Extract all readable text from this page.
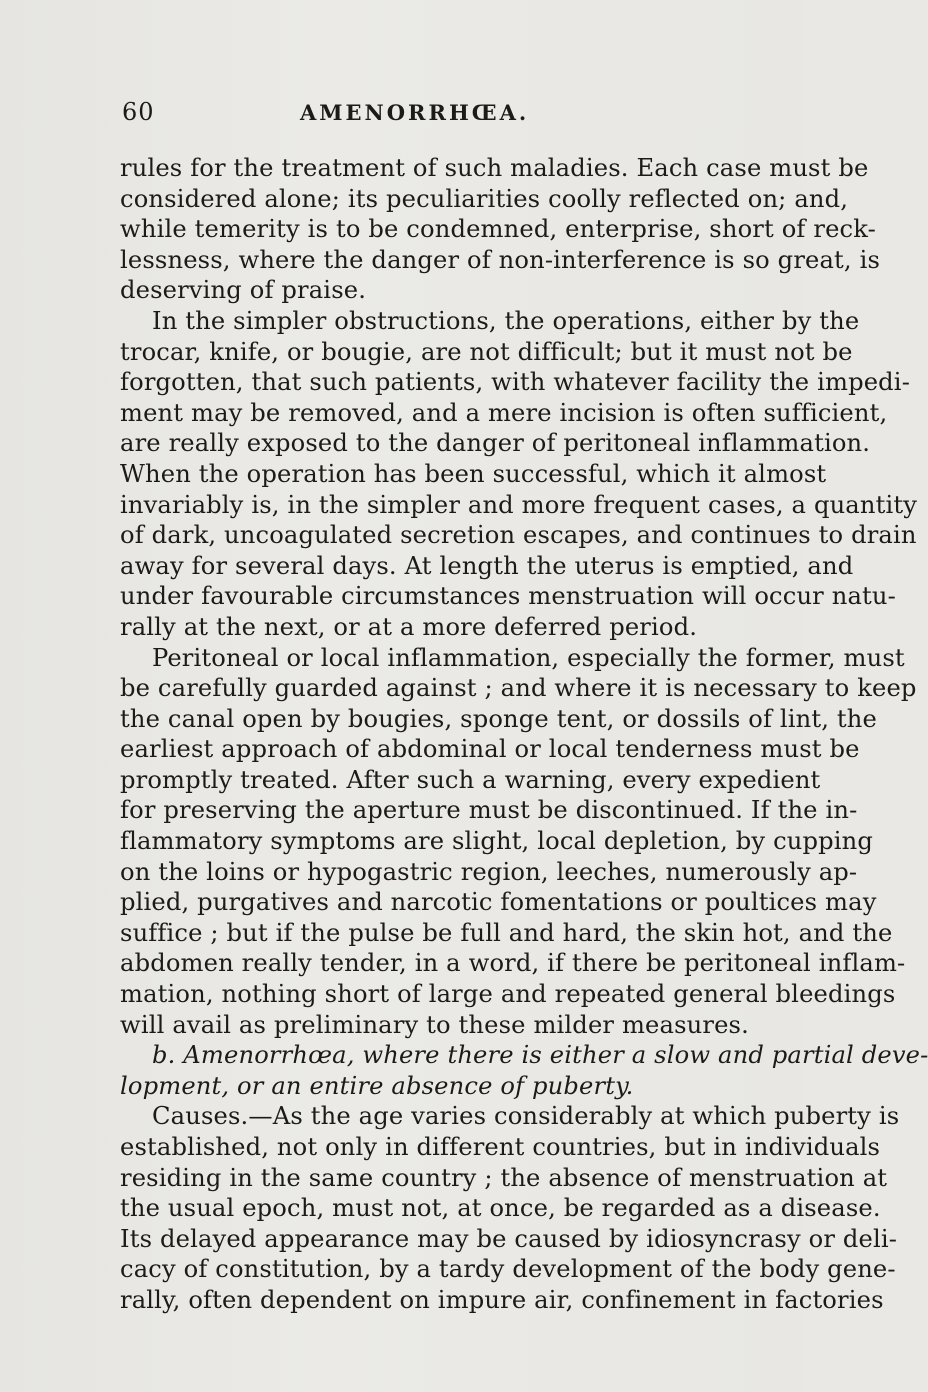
60	AMENORRHŒA.
rules for the treatment of such maladies. Each case must be
considered alone; its peculiarities coolly reflected on; and,
while temerity is to be condemned, enterprise, short of reck-
lessness, where the danger of non-interference is so great, is
deserving of praise.
In the simpler obstructions, the operations, either by the
trocar, knife, or bougie, are not difficult; but it must not be
forgotten, that such patients, with whatever facility the impedi-
ment may be removed, and a mere incision is often sufficient,
are really exposed to the danger of peritoneal inflammation.
When the operation has been successful, which it almost
invariably is, in the simpler and more frequent cases, a quantity
of dark, uncoagulated secretion escapes, and continues to drain
away for several days. At length the uterus is emptied, and
under favourable circumstances menstruation will occur natu-
rally at the next, or at a more deferred period.
Peritoneal or local inflammation, especially the former, must
be carefully guarded against ; and where it is necessary to keep
the canal open by bougies, sponge tent, or dossils of lint, the
earliest approach of abdominal or local tenderness must be
promptly treated. After such a warning, every expedient
for preserving the aperture must be discontinued. If the in-
flammatory symptoms are slight, local depletion, by cupping
on the loins or hypogastric region, leeches, numerously ap-
plied, purgatives and narcotic fomentations or poultices may
suffice ; but if the pulse be full and hard, the skin hot, and the
abdomen really tender, in a word, if there be peritoneal inflam-
mation, nothing short of large and repeated general bleedings
will avail as preliminary to these milder measures.
b. Amenorrhœa, where there is either a slow and partial deve-
lopment, or an entire absence of puberty.
Causes.—As the age varies considerably at which puberty is
established, not only in different countries, but in individuals
residing in the same country ; the absence of menstruation at
the usual epoch, must not, at once, be regarded as a disease.
Its delayed appearance may be caused by idiosyncrasy or deli-
cacy of constitution, by a tardy development of the body gene-
rally, often dependent on impure air, confinement in factories
